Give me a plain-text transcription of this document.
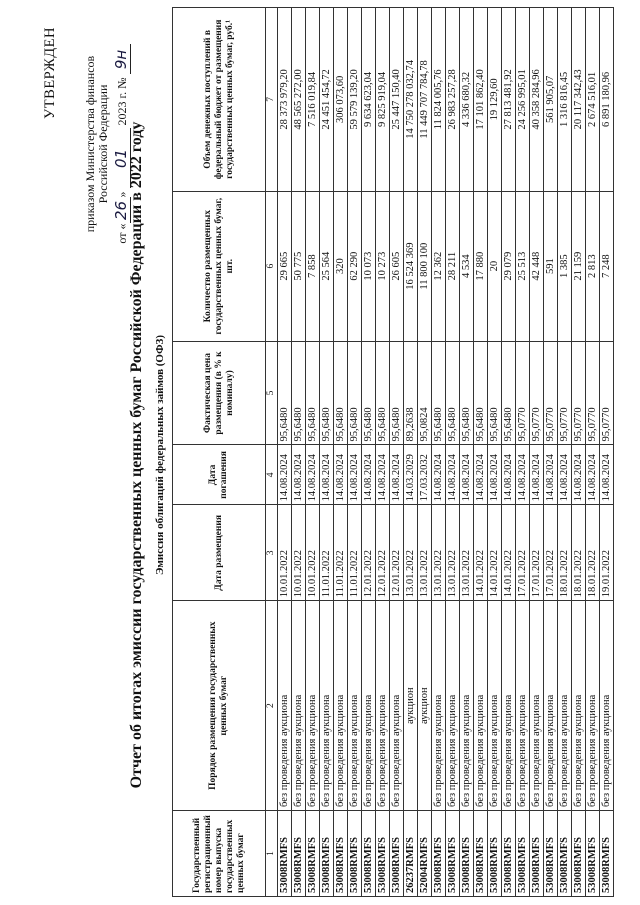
УТВЕРЖДЕН приказом Министерства финансов Российской Федерации
от «26» 01 2023 г. № 9н
Отчет об итогах эмиссии государственных ценных бумаг Российской Федерации в 2022 году Эмиссия облигаций федеральных займов (ОФЗ)
Государственный регистрационный номер выпуска государственных ценных бумаг	Порядок размещения государственных ценных бумаг	Дата размещения	Дата погашения	Фактическая цена размещения (в % к номиналу)	Количество размещенных государственных ценных бумаг, шт.	Объем денежных поступлений в федеральный бюджет от размещения государственных ценных бумаг, руб.¹
1	2	3	4	5	6	7
53008RMFS	без проведения аукциона	10.01.2022	14.08.2024	95,6480	29 665	28 373 979,20
53008RMFS	без проведения аукциона	10.01.2022	14.08.2024	95,6480	50 775	48 565 272,00
53008RMFS	без проведения аукциона	10.01.2022	14.08.2024	95,6480	7 858	7 516 019,84
53008RMFS	без проведения аукциона	11.01.2022	14.08.2024	95,6480	25 564	24 451 454,72
53008RMFS	без проведения аукциона	11.01.2022	14.08.2024	95,6480	320	306 073,60
53008RMFS	без проведения аукциона	11.01.2022	14.08.2024	95,6480	62 290	59 579 139,20
53008RMFS	без проведения аукциона	12.01.2022	14.08.2024	95,6480	10 073	9 634 623,04
53008RMFS	без проведения аукциона	12.01.2022	14.08.2024	95,6480	10 273	9 825 919,04
53008RMFS	без проведения аукциона	12.01.2022	14.08.2024	95,6480	26 605	25 447 150,40
26237RMFS	аукцион	13.01.2022	14.03.2029	89,2638	16 524 369	14 750 278 032,74
52004RMFS	аукцион	13.01.2022	17.03.2032	95,0824	11 800 100	11 449 707 784,78
53008RMFS	без проведения аукциона	13.01.2022	14.08.2024	95,6480	12 362	11 824 005,76
53008RMFS	без проведения аукциона	13.01.2022	14.08.2024	95,6480	28 211	26 983 257,28
53008RMFS	без проведения аукциона	13.01.2022	14.08.2024	95,6480	4 534	4 336 680,32
53008RMFS	без проведения аукциона	14.01.2022	14.08.2024	95,6480	17 880	17 101 862,40
53008RMFS	без проведения аукциона	14.01.2022	14.08.2024	95,6480	20	19 129,60
53008RMFS	без проведения аукциона	14.01.2022	14.08.2024	95,6480	29 079	27 813 481,92
53008RMFS	без проведения аукциона	17.01.2022	14.08.2024	95,0770	25 513	24 256 995,01
53008RMFS	без проведения аукциона	17.01.2022	14.08.2024	95,0770	42 448	40 358 284,96
53008RMFS	без проведения аукциона	17.01.2022	14.08.2024	95,0770	591	561 905,07
53008RMFS	без проведения аукциона	18.01.2022	14.08.2024	95,0770	1 385	1 316 816,45
53008RMFS	без проведения аукциона	18.01.2022	14.08.2024	95,0770	21 159	20 117 342,43
53008RMFS	без проведения аукциона	18.01.2022	14.08.2024	95,0770	2 813	2 674 516,01
53008RMFS	без проведения аукциона	19.01.2022	14.08.2024	95,0770	7 248	6 891 180,96
